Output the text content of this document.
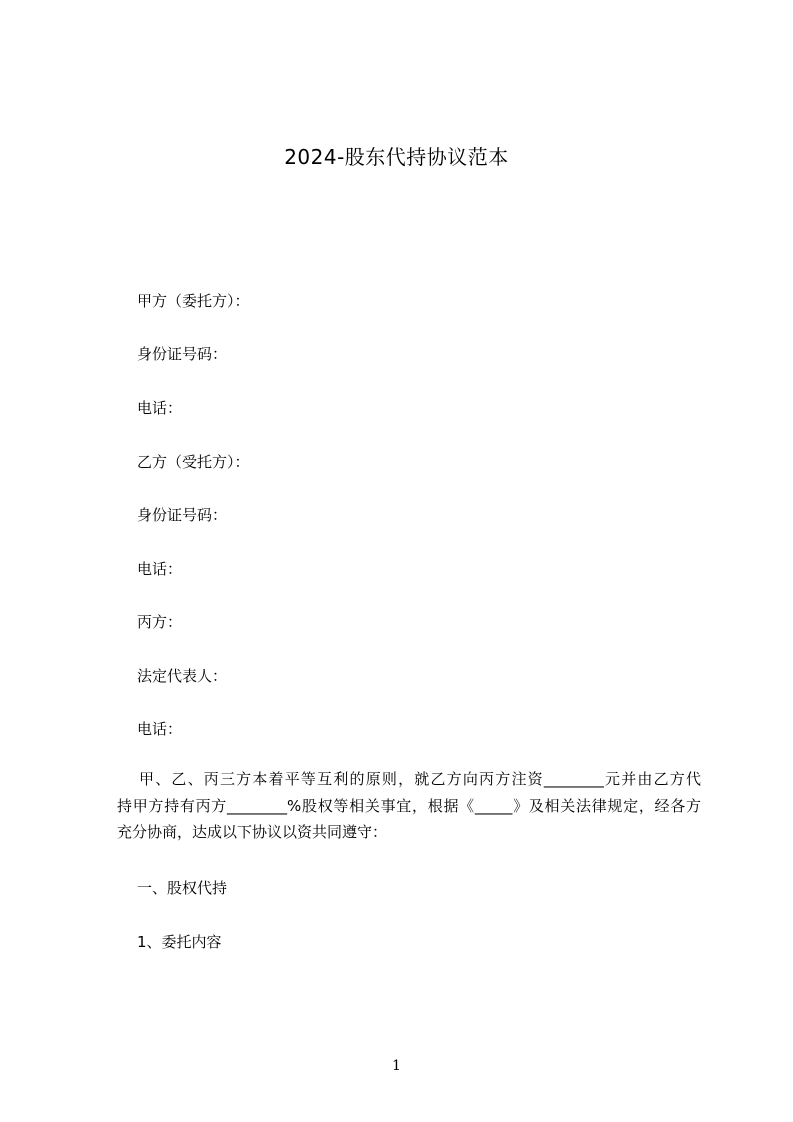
2024-股东代持协议范本
甲方（委托方）：
身份证号码：
电话：
乙方（受托方）：
身份证号码：
电话：
丙方：
法定代表人：
电话：
甲、乙、丙三方本着平等互利的原则，就乙方向丙方注资________元并由乙方代
持甲方持有丙方________%股权等相关事宜，根据《_____》及相关法律规定，经各方
充分协商，达成以下协议以资共同遵守：
一、股权代持
1、委托内容
1
